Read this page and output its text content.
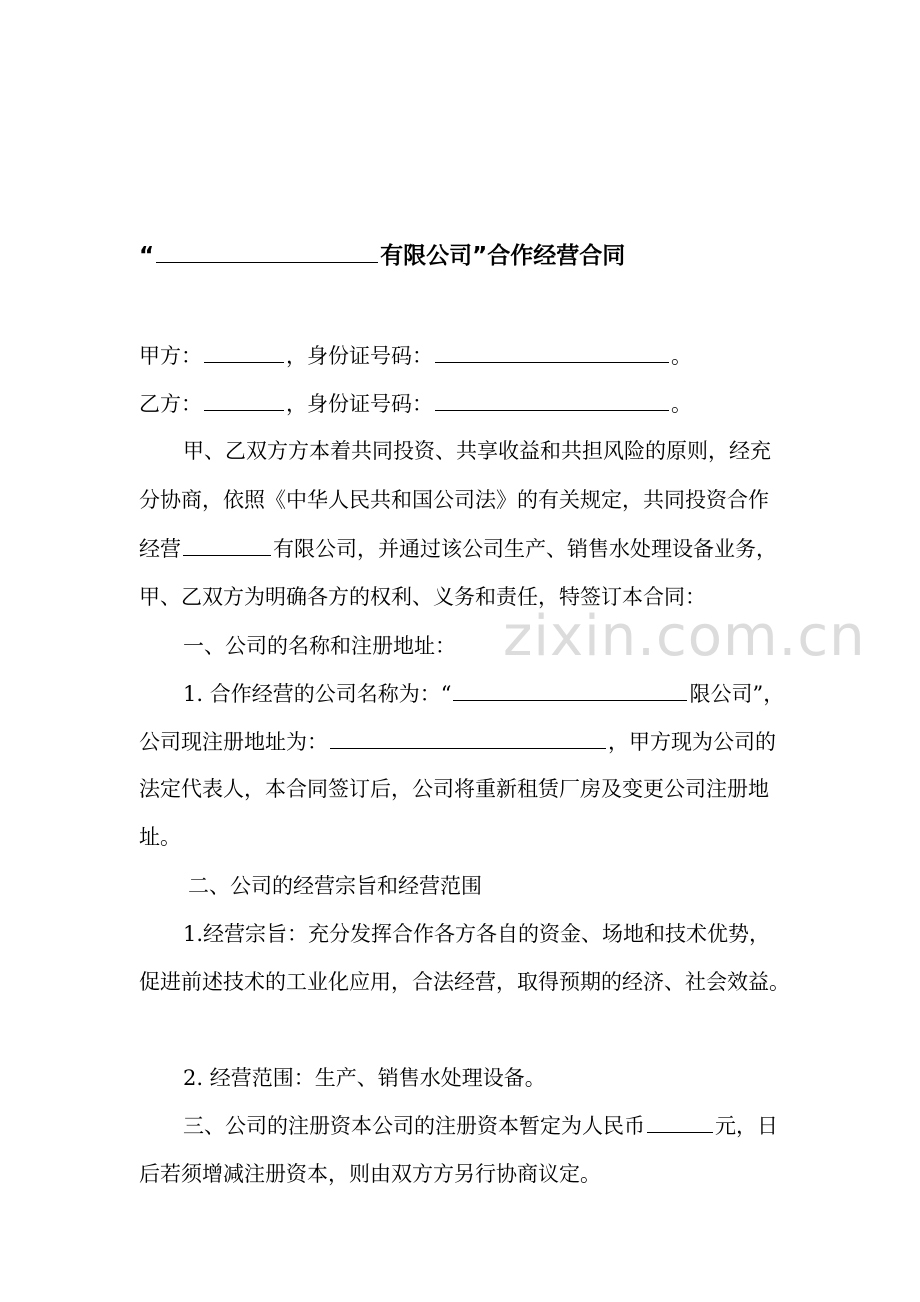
zixin.com.cn
“	有限公司”合作经营合同
甲方：	，身份证号码：	。
乙方：	，身份证号码：	。
甲、乙双方方本着共同投资、共享收益和共担风险的原则，经充
分协商，依照《中华人民共和国公司法》的有关规定，共同投资合作
经营	有限公司，并通过该公司生产、销售水处理设备业务，
甲、乙双方为明确各方的权利、义务和责任，特签订本合同：
一、公司的名称和注册地址：
1. 合作经营的公司名称为：“	限公司”，
公司现注册地址为：	，甲方现为公司的
法定代表人，本合同签订后，公司将重新租赁厂房及变更公司注册地
址。
二、公司的经营宗旨和经营范围
1.经营宗旨：充分发挥合作各方各自的资金、场地和技术优势，
促进前述技术的工业化应用，合法经营，取得预期的经济、社会效益。
2. 经营范围：生产、销售水处理设备。
三、公司的注册资本公司的注册资本暂定为人民币	元，日
后若须增减注册资本，则由双方方另行协商议定。
